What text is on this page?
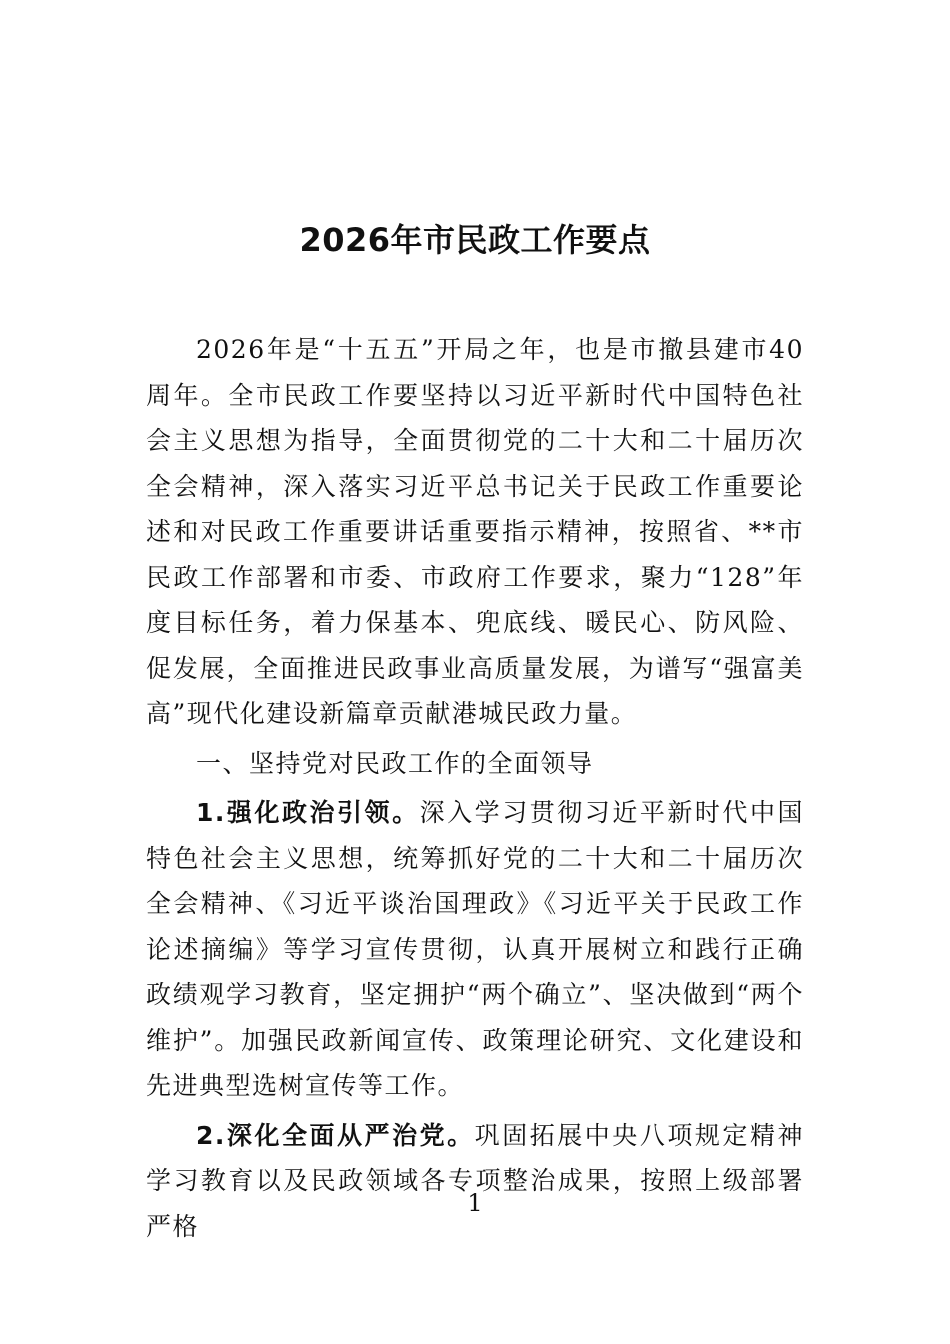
2026年市民政工作要点

2026年是“十五五”开局之年，也是市撤县建市40周年。全市民政工作要坚持以习近平新时代中国特色社会主义思想为指导，全面贯彻党的二十大和二十届历次全会精神，深入落实习近平总书记关于民政工作重要论述和对民政工作重要讲话重要指示精神，按照省、**市民政工作部署和市委、市政府工作要求，聚力“128”年度目标任务，着力保基本、兜底线、暖民心、防风险、促发展，全面推进民政事业高质量发展，为谱写“强富美高”现代化建设新篇章贡献港城民政力量。

一、坚持党对民政工作的全面领导

1.强化政治引领。深入学习贯彻习近平新时代中国特色社会主义思想，统筹抓好党的二十大和二十届历次全会精神、《习近平谈治国理政》《习近平关于民政工作论述摘编》等学习宣传贯彻，认真开展树立和践行正确政绩观学习教育，坚定拥护“两个确立”、坚决做到“两个维护”。加强民政新闻宣传、政策理论研究、文化建设和先进典型选树宣传等工作。

2.深化全面从严治党。巩固拓展中央八项规定精神学习教育以及民政领域各专项整治成果，按照上级部署严格

1
